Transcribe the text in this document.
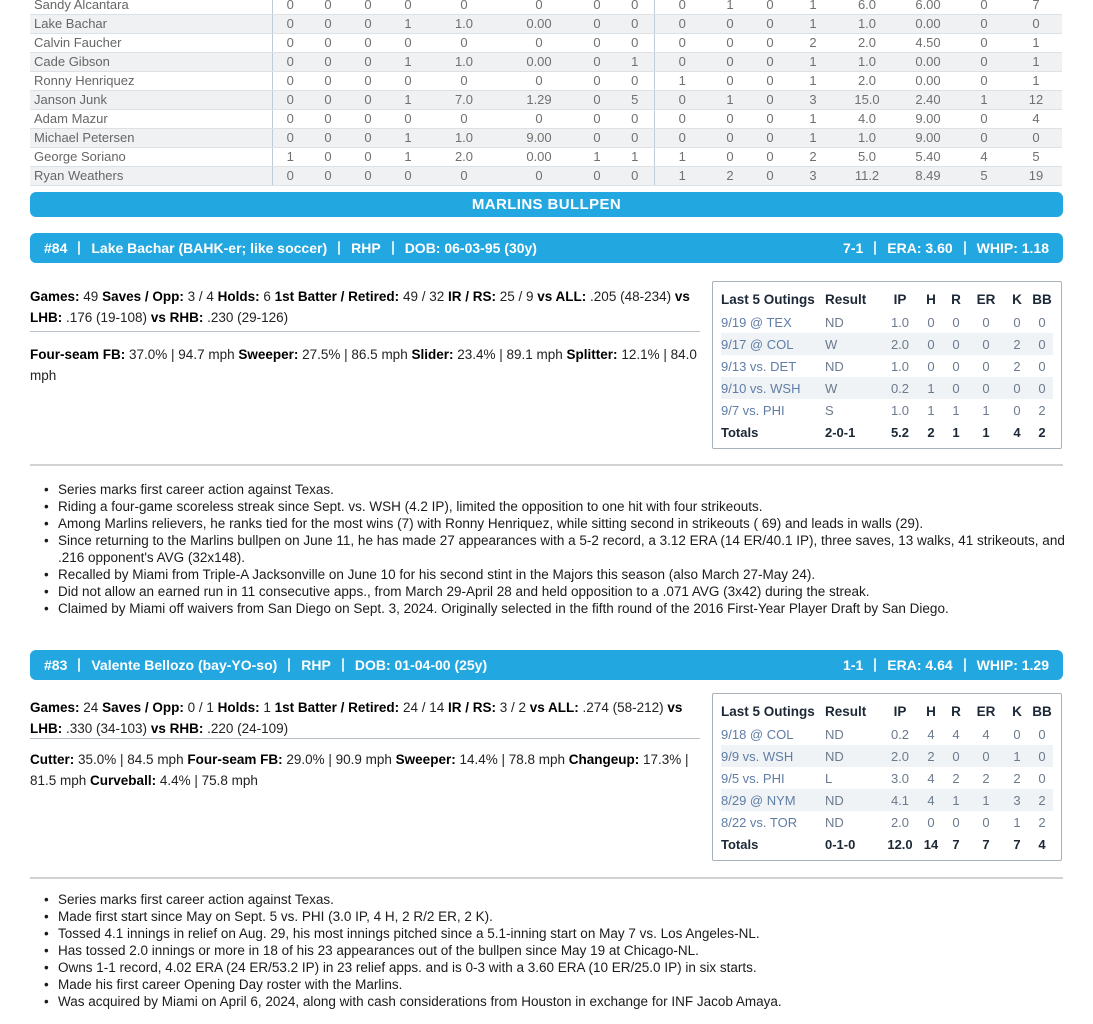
Sandy Alcantara	0	0	0	0	0	0	0	0	0	1	0	1	6.0	6.00	0	7
Lake Bachar	0	0	0	1	1.0	0.00	0	0	0	0	0	1	1.0	0.00	0	0
Calvin Faucher	0	0	0	0	0	0	0	0	0	0	0	2	2.0	4.50	0	1
Cade Gibson	0	0	0	1	1.0	0.00	0	1	0	0	0	1	1.0	0.00	0	1
Ronny Henriquez	0	0	0	0	0	0	0	0	1	0	0	1	2.0	0.00	0	1
Janson Junk	0	0	0	1	7.0	1.29	0	5	0	1	0	3	15.0	2.40	1	12
Adam Mazur	0	0	0	0	0	0	0	0	0	0	0	1	4.0	9.00	0	4
Michael Petersen	0	0	0	1	1.0	9.00	0	0	0	0	0	1	1.0	9.00	0	0
George Soriano	1	0	0	1	2.0	0.00	1	1	1	0	0	2	5.0	5.40	4	5
Ryan Weathers	0	0	0	0	0	0	0	0	1	2	0	3	11.2	8.49	5	19
MARLINS BULLPEN
#84 Lake Bachar (BAHK-er; like soccer) RHP DOB: 06-03-95 (30y)	7-1 ERA: 3.60 WHIP: 1.18
Games: 49 Saves / Opp: 3 / 4 Holds: 6 1st Batter / Retired: 49 / 32 IR / RS: 25 / 9 vs ALL: .205 (48-234) vs LHB: .176 (19-108) vs RHB: .230 (29-126)
Four-seam FB: 37.0% | 94.7 mph Sweeper: 27.5% | 86.5 mph Slider: 23.4% | 89.1 mph Splitter: 12.1% | 84.0 mph
Last 5 Outings	Result	IP	H	R	ER	K	BB
9/19 @ TEX	ND	1.0	0	0	0	0	0
9/17 @ COL	W	2.0	0	0	0	2	0
9/13 vs. DET	ND	1.0	0	0	0	2	0
9/10 vs. WSH	W	0.2	1	0	0	0	0
9/7 vs. PHI	S	1.0	1	1	1	0	2
Totals	2-0-1	5.2	2	1	1	4	2
• Series marks first career action against Texas.
• Riding a four-game scoreless streak since Sept. vs. WSH (4.2 IP), limited the opposition to one hit with four strikeouts.
• Among Marlins relievers, he ranks tied for the most wins (7) with Ronny Henriquez, while sitting second in strikeouts ( 69) and leads in walls (29).
• Since returning to the Marlins bullpen on June 11, he has made 27 appearances with a 5-2 record, a 3.12 ERA (14 ER/40.1 IP), three saves, 13 walks, 41 strikeouts, and .216 opponent's AVG (32x148).
• Recalled by Miami from Triple-A Jacksonville on June 10 for his second stint in the Majors this season (also March 27-May 24).
• Did not allow an earned run in 11 consecutive apps., from March 29-April 28 and held opposition to a .071 AVG (3x42) during the streak.
• Claimed by Miami off waivers from San Diego on Sept. 3, 2024. Originally selected in the fifth round of the 2016 First-Year Player Draft by San Diego.
#83 Valente Bellozo (bay-YO-so) RHP DOB: 01-04-00 (25y)	1-1 ERA: 4.64 WHIP: 1.29
Games: 24 Saves / Opp: 0 / 1 Holds: 1 1st Batter / Retired: 24 / 14 IR / RS: 3 / 2 vs ALL: .274 (58-212) vs LHB: .330 (34-103) vs RHB: .220 (24-109)
Cutter: 35.0% | 84.5 mph Four-seam FB: 29.0% | 90.9 mph Sweeper: 14.4% | 78.8 mph Changeup: 17.3% | 81.5 mph Curveball: 4.4% | 75.8 mph
Last 5 Outings	Result	IP	H	R	ER	K	BB
9/18 @ COL	ND	0.2	4	4	4	0	0
9/9 vs. WSH	ND	2.0	2	0	0	1	0
9/5 vs. PHI	L	3.0	4	2	2	2	0
8/29 @ NYM	ND	4.1	4	1	1	3	2
8/22 vs. TOR	ND	2.0	0	0	0	1	2
Totals	0-1-0	12.0	14	7	7	7	4
• Series marks first career action against Texas.
• Made first start since May on Sept. 5 vs. PHI (3.0 IP, 4 H, 2 R/2 ER, 2 K).
• Tossed 4.1 innings in relief on Aug. 29, his most innings pitched since a 5.1-inning start on May 7 vs. Los Angeles-NL.
• Has tossed 2.0 innings or more in 18 of his 23 appearances out of the bullpen since May 19 at Chicago-NL.
• Owns 1-1 record, 4.02 ERA (24 ER/53.2 IP) in 23 relief apps. and is 0-3 with a 3.60 ERA (10 ER/25.0 IP) in six starts.
• Made his first career Opening Day roster with the Marlins.
• Was acquired by Miami on April 6, 2024, along with cash considerations from Houston in exchange for INF Jacob Amaya.
